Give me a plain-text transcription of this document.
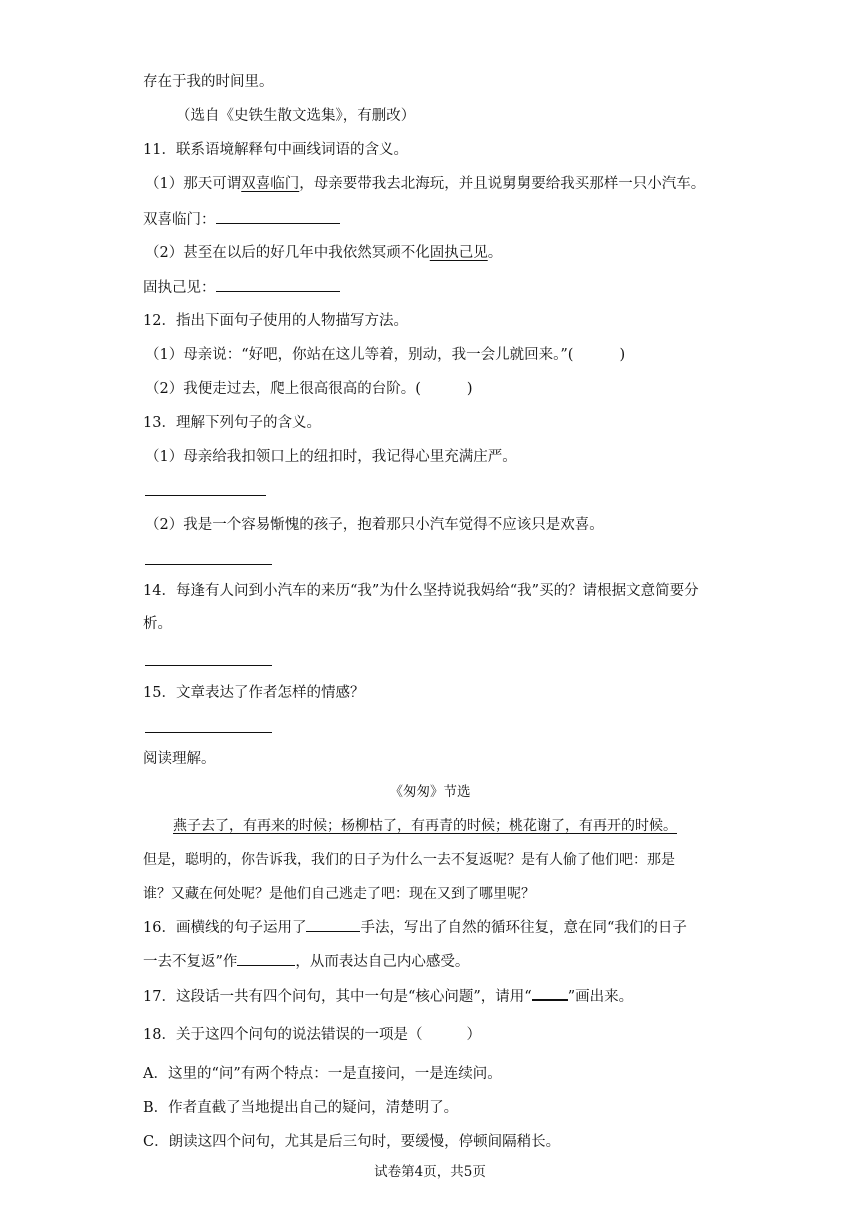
存在于我的时间里。
（选自《史铁生散文选集》，有删改）
11．联系语境解释句中画线词语的含义。
（1）那天可谓双喜临门，母亲要带我去北海玩，并且说舅舅要给我买那样一只小汽车。
双喜临门：
（2）甚至在以后的好几年中我依然冥顽不化固执己见。
固执己见：
12．指出下面句子使用的人物描写方法。
（1）母亲说：“好吧，你站在这儿等着，别动，我一会儿就回来。”(	)
（2）我便走过去，爬上很高很高的台阶。(	)
13．理解下列句子的含义。
（1）母亲给我扣领口上的纽扣时，我记得心里充满庄严。
（2）我是一个容易惭愧的孩子，抱着那只小汽车觉得不应该只是欢喜。
14．每逢有人问到小汽车的来历“我”为什么坚持说我妈给“我”买的？请根据文意简要分
析。
15．文章表达了作者怎样的情感？
阅读理解。
《匆匆》节选
燕子去了，有再来的时候；杨柳枯了，有再青的时候；桃花谢了，有再开的时候。
但是，聪明的，你告诉我，我们的日子为什么一去不复返呢？是有人偷了他们吧：那是
谁？又藏在何处呢？是他们自己逃走了吧：现在又到了哪里呢？
16．画横线的句子运用了	手法，写出了自然的循环往复，意在同“我们的日子
一去不复返”作	，从而表达自己内心感受。
17．这段话一共有四个问句，其中一句是“核心问题”，请用“ ”画出来。
18．关于这四个问句的说法错误的一项是（	）
A．这里的“问”有两个特点：一是直接问，一是连续问。
B．作者直截了当地提出自己的疑问，清楚明了。
C．朗读这四个问句，尤其是后三句时，要缓慢，停顿间隔稍长。
试卷第4页，共5页
